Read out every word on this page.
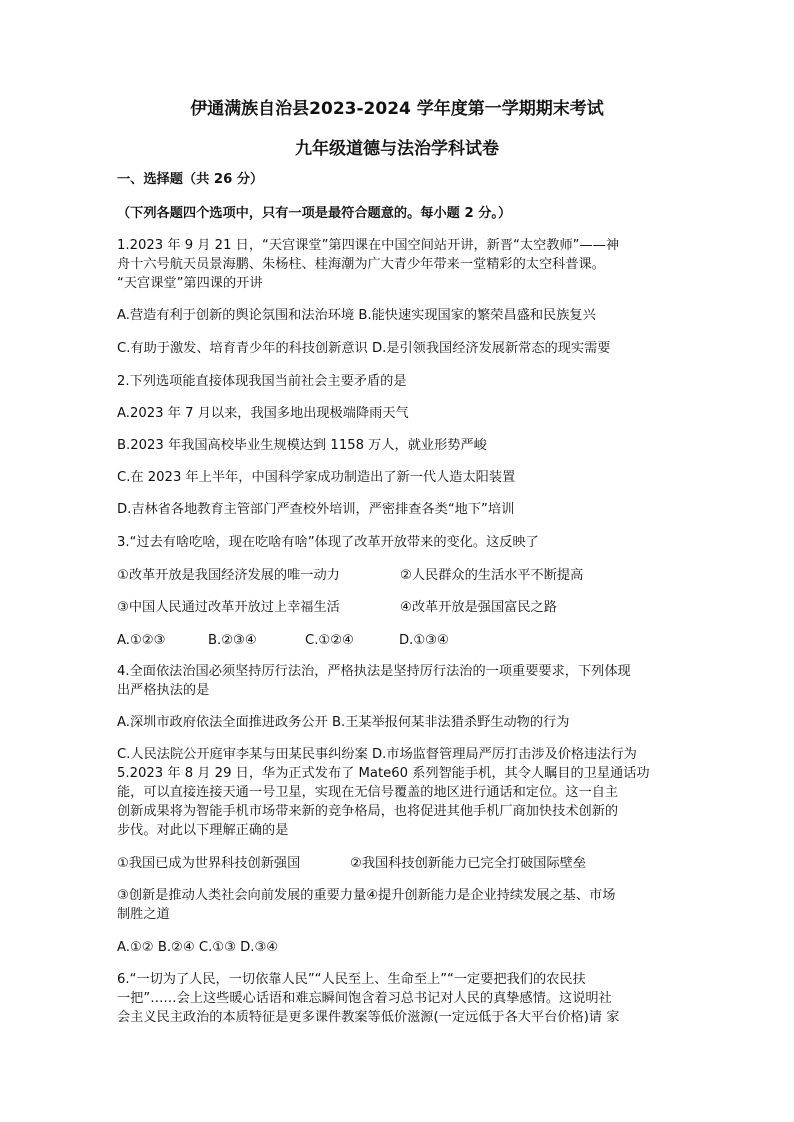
伊通满族自治县2023-2024 学年度第一学期期末考试
九年级道德与法治学科试卷
一、选择题（共 26 分）
（下列各题四个选项中，只有一项是最符合题意的。每小题 2 分。）
1.2023 年 9 月 21 日，“天宫课堂”第四课在中国空间站开讲，新晋“太空教师”——神
舟十六号航天员景海鹏、朱杨柱、桂海潮为广大青少年带来一堂精彩的太空科普课。
“天宫课堂”第四课的开讲
A.营造有利于创新的舆论氛围和法治环境 B.能快速实现国家的繁荣昌盛和民族复兴
C.有助于激发、培育青少年的科技创新意识 D.是引领我国经济发展新常态的现实需要
2.下列选项能直接体现我国当前社会主要矛盾的是
A.2023 年 7 月以来，我国多地出现极端降雨天气
B.2023 年我国高校毕业生规模达到 1158 万人，就业形势严峻
C.在 2023 年上半年，中国科学家成功制造出了新一代人造太阳装置
D.吉林省各地教育主管部门严查校外培训，严密排查各类“地下”培训
3.“过去有啥吃啥，现在吃啥有啥”体现了改革开放带来的变化。这反映了
①改革开放是我国经济发展的唯一动力	②人民群众的生活水平不断提高
③中国人民通过改革开放过上幸福生活	④改革开放是强国富民之路
A.①②③	B.②③④	C.①②④	D.①③④
4.全面依法治国必须坚持厉行法治，严格执法是坚持厉行法治的一项重要要求，下列体现
出严格执法的是
A.深圳市政府依法全面推进政务公开 B.王某举报何某非法猎杀野生动物的行为
C.人民法院公开庭审李某与田某民事纠纷案 D.市场监督管理局严厉打击涉及价格违法行为
5.2023 年 8 月 29 日，华为正式发布了 Mate60 系列智能手机，其令人瞩目的卫星通话功
能，可以直接连接天通一号卫星，实现在无信号覆盖的地区进行通话和定位。这一自主
创新成果将为智能手机市场带来新的竞争格局，也将促进其他手机厂商加快技术创新的
步伐。对此以下理解正确的是
①我国已成为世界科技创新强国	②我国科技创新能力已完全打破国际壁垒
③创新是推动人类社会向前发展的重要力量④提升创新能力是企业持续发展之基、市场
制胜之道
A.①② B.②④ C.①③ D.③④
6.“一切为了人民，一切依靠人民”“人民至上、生命至上”“一定要把我们的农民扶
一把”……会上这些暖心话语和难忘瞬间饱含着习总书记对人民的真挚感情。这说明社
会主义民主政治的本质特征是更多课件教案等低价滋源(一定远低于各大平台价格)请 家
